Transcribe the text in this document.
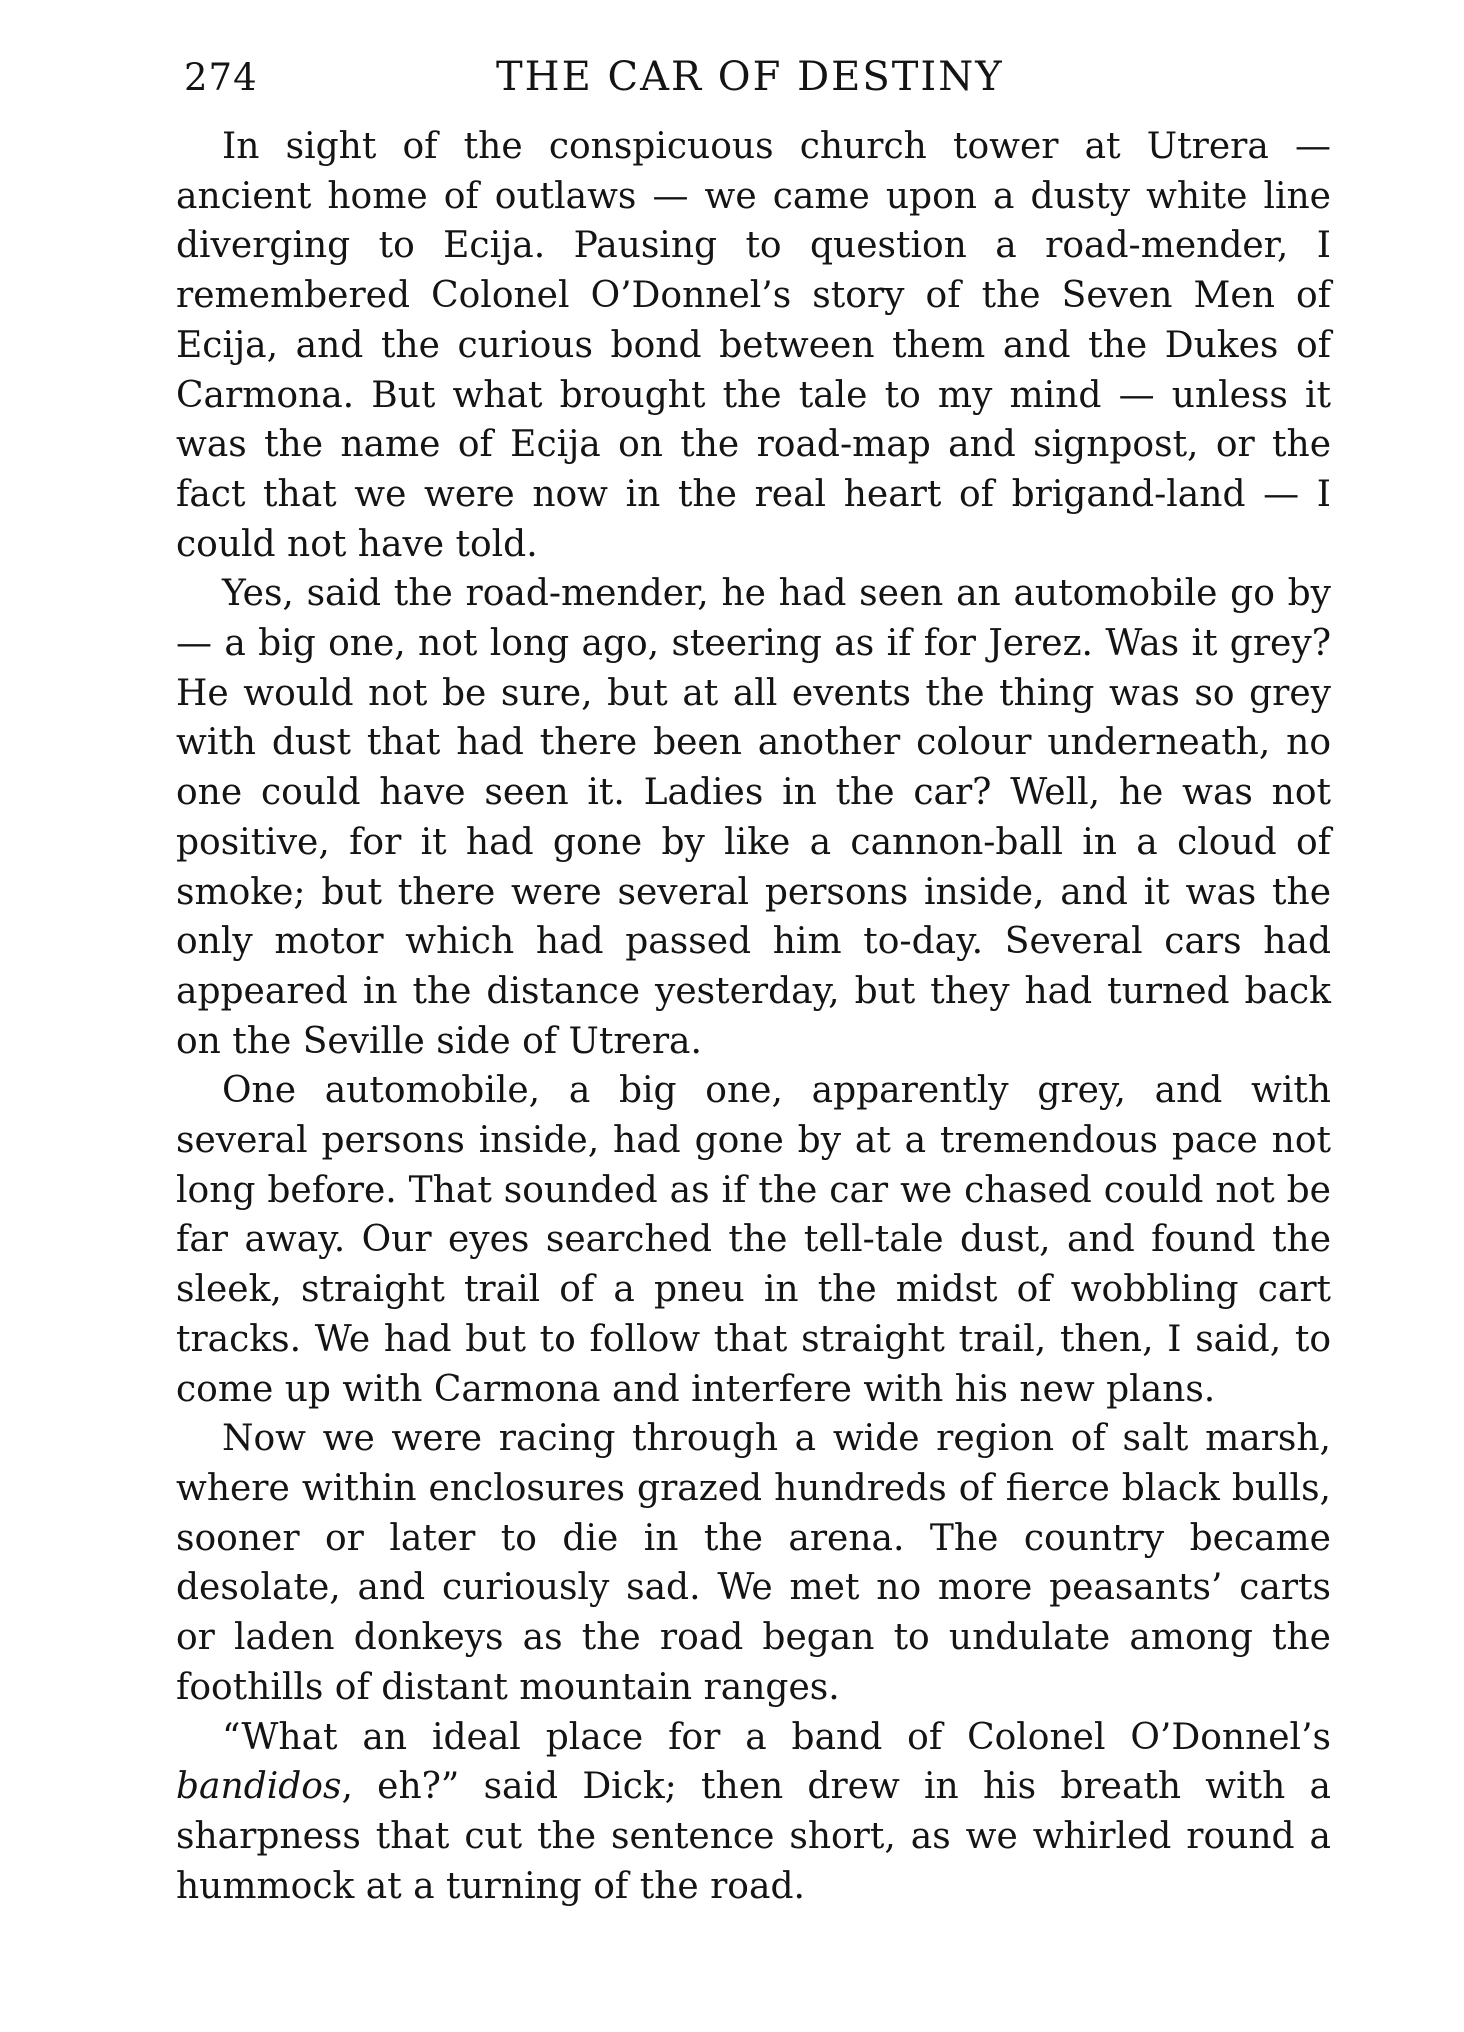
274	THE CAR OF DESTINY

In sight of the conspicuous church tower at Utrera — ancient home of outlaws — we came upon a dusty white line diverging to Ecija. Pausing to question a road-mender, I remembered Colonel O’Donnel’s story of the Seven Men of Ecija, and the curious bond between them and the Dukes of Carmona. But what brought the tale to my mind — unless it was the name of Ecija on the road-map and signpost, or the fact that we were now in the real heart of brigand-land — I could not have told.

Yes, said the road-mender, he had seen an automobile go by — a big one, not long ago, steering as if for Jerez. Was it grey? He would not be sure, but at all events the thing was so grey with dust that had there been another colour underneath, no one could have seen it. Ladies in the car? Well, he was not positive, for it had gone by like a cannon-ball in a cloud of smoke; but there were several persons inside, and it was the only motor which had passed him to-day. Several cars had appeared in the distance yesterday, but they had turned back on the Seville side of Utrera.

One automobile, a big one, apparently grey, and with several persons inside, had gone by at a tremendous pace not long before. That sounded as if the car we chased could not be far away. Our eyes searched the tell-tale dust, and found the sleek, straight trail of a pneu in the midst of wobbling cart tracks. We had but to follow that straight trail, then, I said, to come up with Carmona and interfere with his new plans.

Now we were racing through a wide region of salt marsh, where within enclosures grazed hundreds of fierce black bulls, sooner or later to die in the arena. The country became desolate, and curiously sad. We met no more peasants’ carts or laden donkeys as the road began to undulate among the foothills of distant mountain ranges.

“What an ideal place for a band of Colonel O’Donnel’s bandidos, eh?” said Dick; then drew in his breath with a sharpness that cut the sentence short, as we whirled round a hummock at a turning of the road.
